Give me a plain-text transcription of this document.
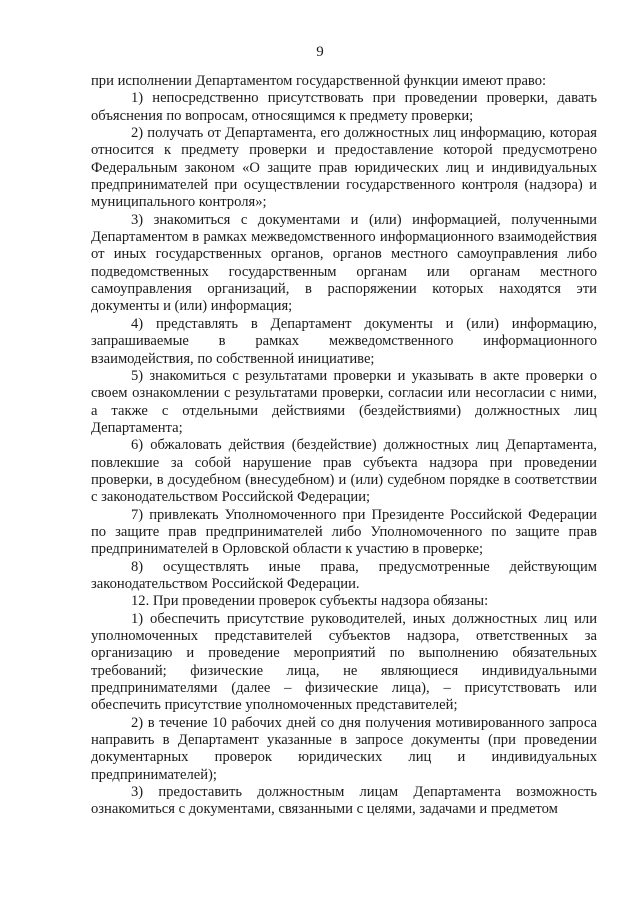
9

при исполнении Департаментом государственной функции имеют право:

1) непосредственно присутствовать при проведении проверки, давать объяснения по вопросам, относящимся к предмету проверки;

2) получать от Департамента, его должностных лиц информацию, которая относится к предмету проверки и предоставление которой предусмотрено Федеральным законом «О защите прав юридических лиц и индивидуальных предпринимателей при осуществлении государственного контроля (надзора) и муниципального контроля»;

3) знакомиться с документами и (или) информацией, полученными Департаментом в рамках межведомственного информационного взаимодействия от иных государственных органов, органов местного самоуправления либо подведомственных государственным органам или органам местного самоуправления организаций, в распоряжении которых находятся эти документы и (или) информация;

4) представлять в Департамент документы и (или) информацию, запрашиваемые в рамках межведомственного информационного взаимодействия, по собственной инициативе;

5) знакомиться с результатами проверки и указывать в акте проверки о своем ознакомлении с результатами проверки, согласии или несогласии с ними, а также с отдельными действиями (бездействиями) должностных лиц Департамента;

6) обжаловать действия (бездействие) должностных лиц Департамента, повлекшие за собой нарушение прав субъекта надзора при проведении проверки, в досудебном (внесудебном) и (или) судебном порядке в соответствии с законодательством Российской Федерации;

7) привлекать Уполномоченного при Президенте Российской Федерации по защите прав предпринимателей либо Уполномоченного по защите прав предпринимателей в Орловской области к участию в проверке;

8) осуществлять иные права, предусмотренные действующим законодательством Российской Федерации.

12. При проведении проверок субъекты надзора обязаны:

1) обеспечить присутствие руководителей, иных должностных лиц или уполномоченных представителей субъектов надзора, ответственных за организацию и проведение мероприятий по выполнению обязательных требований; физические лица, не являющиеся индивидуальными предпринимателями (далее – физические лица), – присутствовать или обеспечить присутствие уполномоченных представителей;

2) в течение 10 рабочих дней со дня получения мотивированного запроса направить в Департамент указанные в запросе документы (при проведении документарных проверок юридических лиц и индивидуальных предпринимателей);

3) предоставить должностным лицам Департамента возможность ознакомиться с документами, связанными с целями, задачами и предметом
